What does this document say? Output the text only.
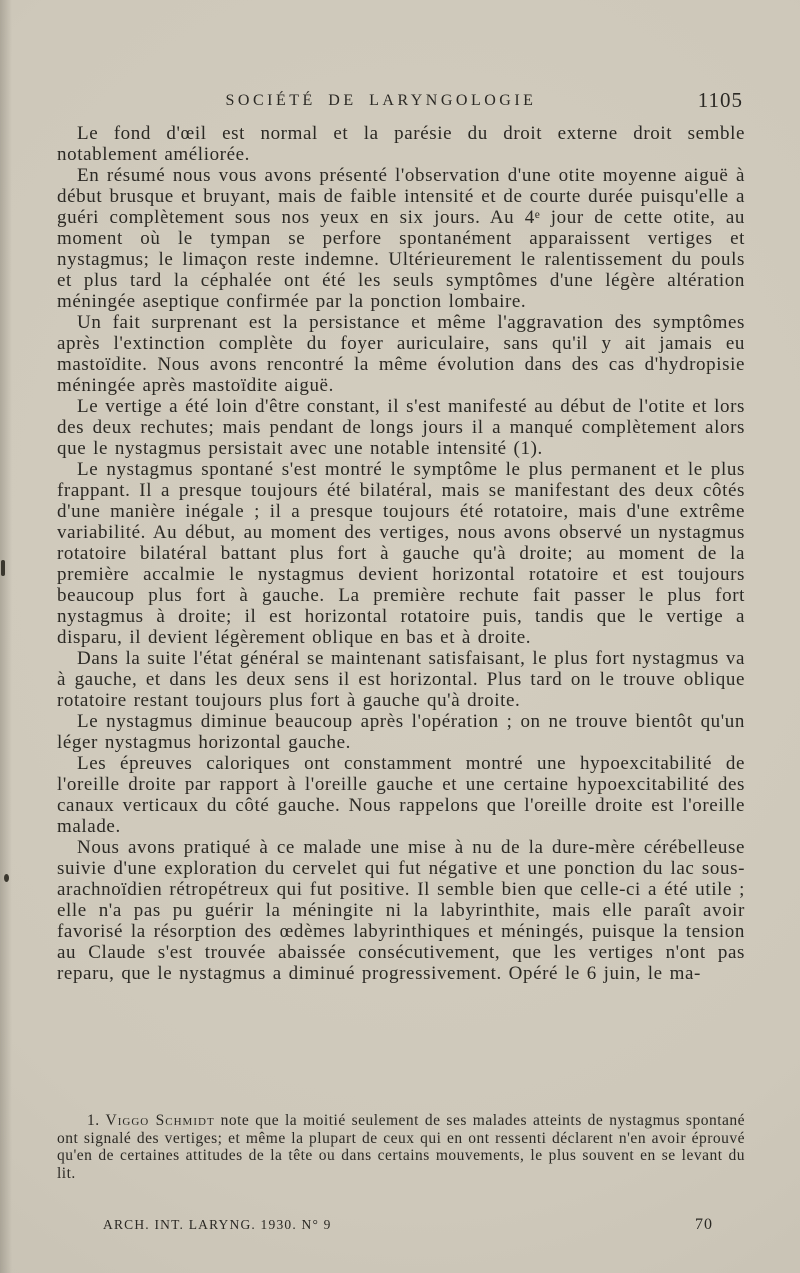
SOCIÉTÉ DE LARYNGOLOGIE	1105

Le fond d'œil est normal et la parésie du droit externe droit semble notablement améliorée.

En résumé nous vous avons présenté l'observation d'une otite moyenne aiguë à début brusque et bruyant, mais de faible intensité et de courte durée puisqu'elle a guéri complètement sous nos yeux en six jours. Au 4ᵉ jour de cette otite, au moment où le tympan se perfore spontanément apparaissent vertiges et nystagmus; le limaçon reste indemne. Ultérieurement le ralentissement du pouls et plus tard la céphalée ont été les seuls symptômes d'une légère altération méningée aseptique confirmée par la ponction lombaire.

Un fait surprenant est la persistance et même l'aggravation des symptômes après l'extinction complète du foyer auriculaire, sans qu'il y ait jamais eu mastoïdite. Nous avons rencontré la même évolution dans des cas d'hydropisie méningée après mastoïdite aiguë.

Le vertige a été loin d'être constant, il s'est manifesté au début de l'otite et lors des deux rechutes; mais pendant de longs jours il a manqué complètement alors que le nystagmus persistait avec une notable intensité (1).

Le nystagmus spontané s'est montré le symptôme le plus permanent et le plus frappant. Il a presque toujours été bilatéral, mais se manifestant des deux côtés d'une manière inégale ; il a presque toujours été rotatoire, mais d'une extrême variabilité. Au début, au moment des vertiges, nous avons observé un nystagmus rotatoire bilatéral battant plus fort à gauche qu'à droite; au moment de la première accalmie le nystagmus devient horizontal rotatoire et est toujours beaucoup plus fort à gauche. La première rechute fait passer le plus fort nystagmus à droite; il est horizontal rotatoire puis, tandis que le vertige a disparu, il devient légèrement oblique en bas et à droite.

Dans la suite l'état général se maintenant satisfaisant, le plus fort nystagmus va à gauche, et dans les deux sens il est horizontal. Plus tard on le trouve oblique rotatoire restant toujours plus fort à gauche qu'à droite.

Le nystagmus diminue beaucoup après l'opération ; on ne trouve bientôt qu'un léger nystagmus horizontal gauche.

Les épreuves caloriques ont constamment montré une hypoexcitabilité de l'oreille droite par rapport à l'oreille gauche et une certaine hypoexcitabilité des canaux verticaux du côté gauche. Nous rappelons que l'oreille droite est l'oreille malade.

Nous avons pratiqué à ce malade une mise à nu de la dure-mère cérébelleuse suivie d'une exploration du cervelet qui fut négative et une ponction du lac sous-arachnoïdien rétropétreux qui fut positive. Il semble bien que celle-ci a été utile ; elle n'a pas pu guérir la méningite ni la labyrinthite, mais elle paraît avoir favorisé la résorption des œdèmes labyrinthiques et méningés, puisque la tension au Claude s'est trouvée abaissée consécutivement, que les vertiges n'ont pas reparu, que le nystagmus a diminué progressivement. Opéré le 6 juin, le ma-

1. Viggo Schmidt note que la moitié seulement de ses malades atteints de nystagmus spontané ont signalé des vertiges; et même la plupart de ceux qui en ont ressenti déclarent n'en avoir éprouvé qu'en de certaines attitudes de la tête ou dans certains mouvements, le plus souvent en se levant du lit.

ARCH. INT. LARYNG. 1930. N° 9	70
